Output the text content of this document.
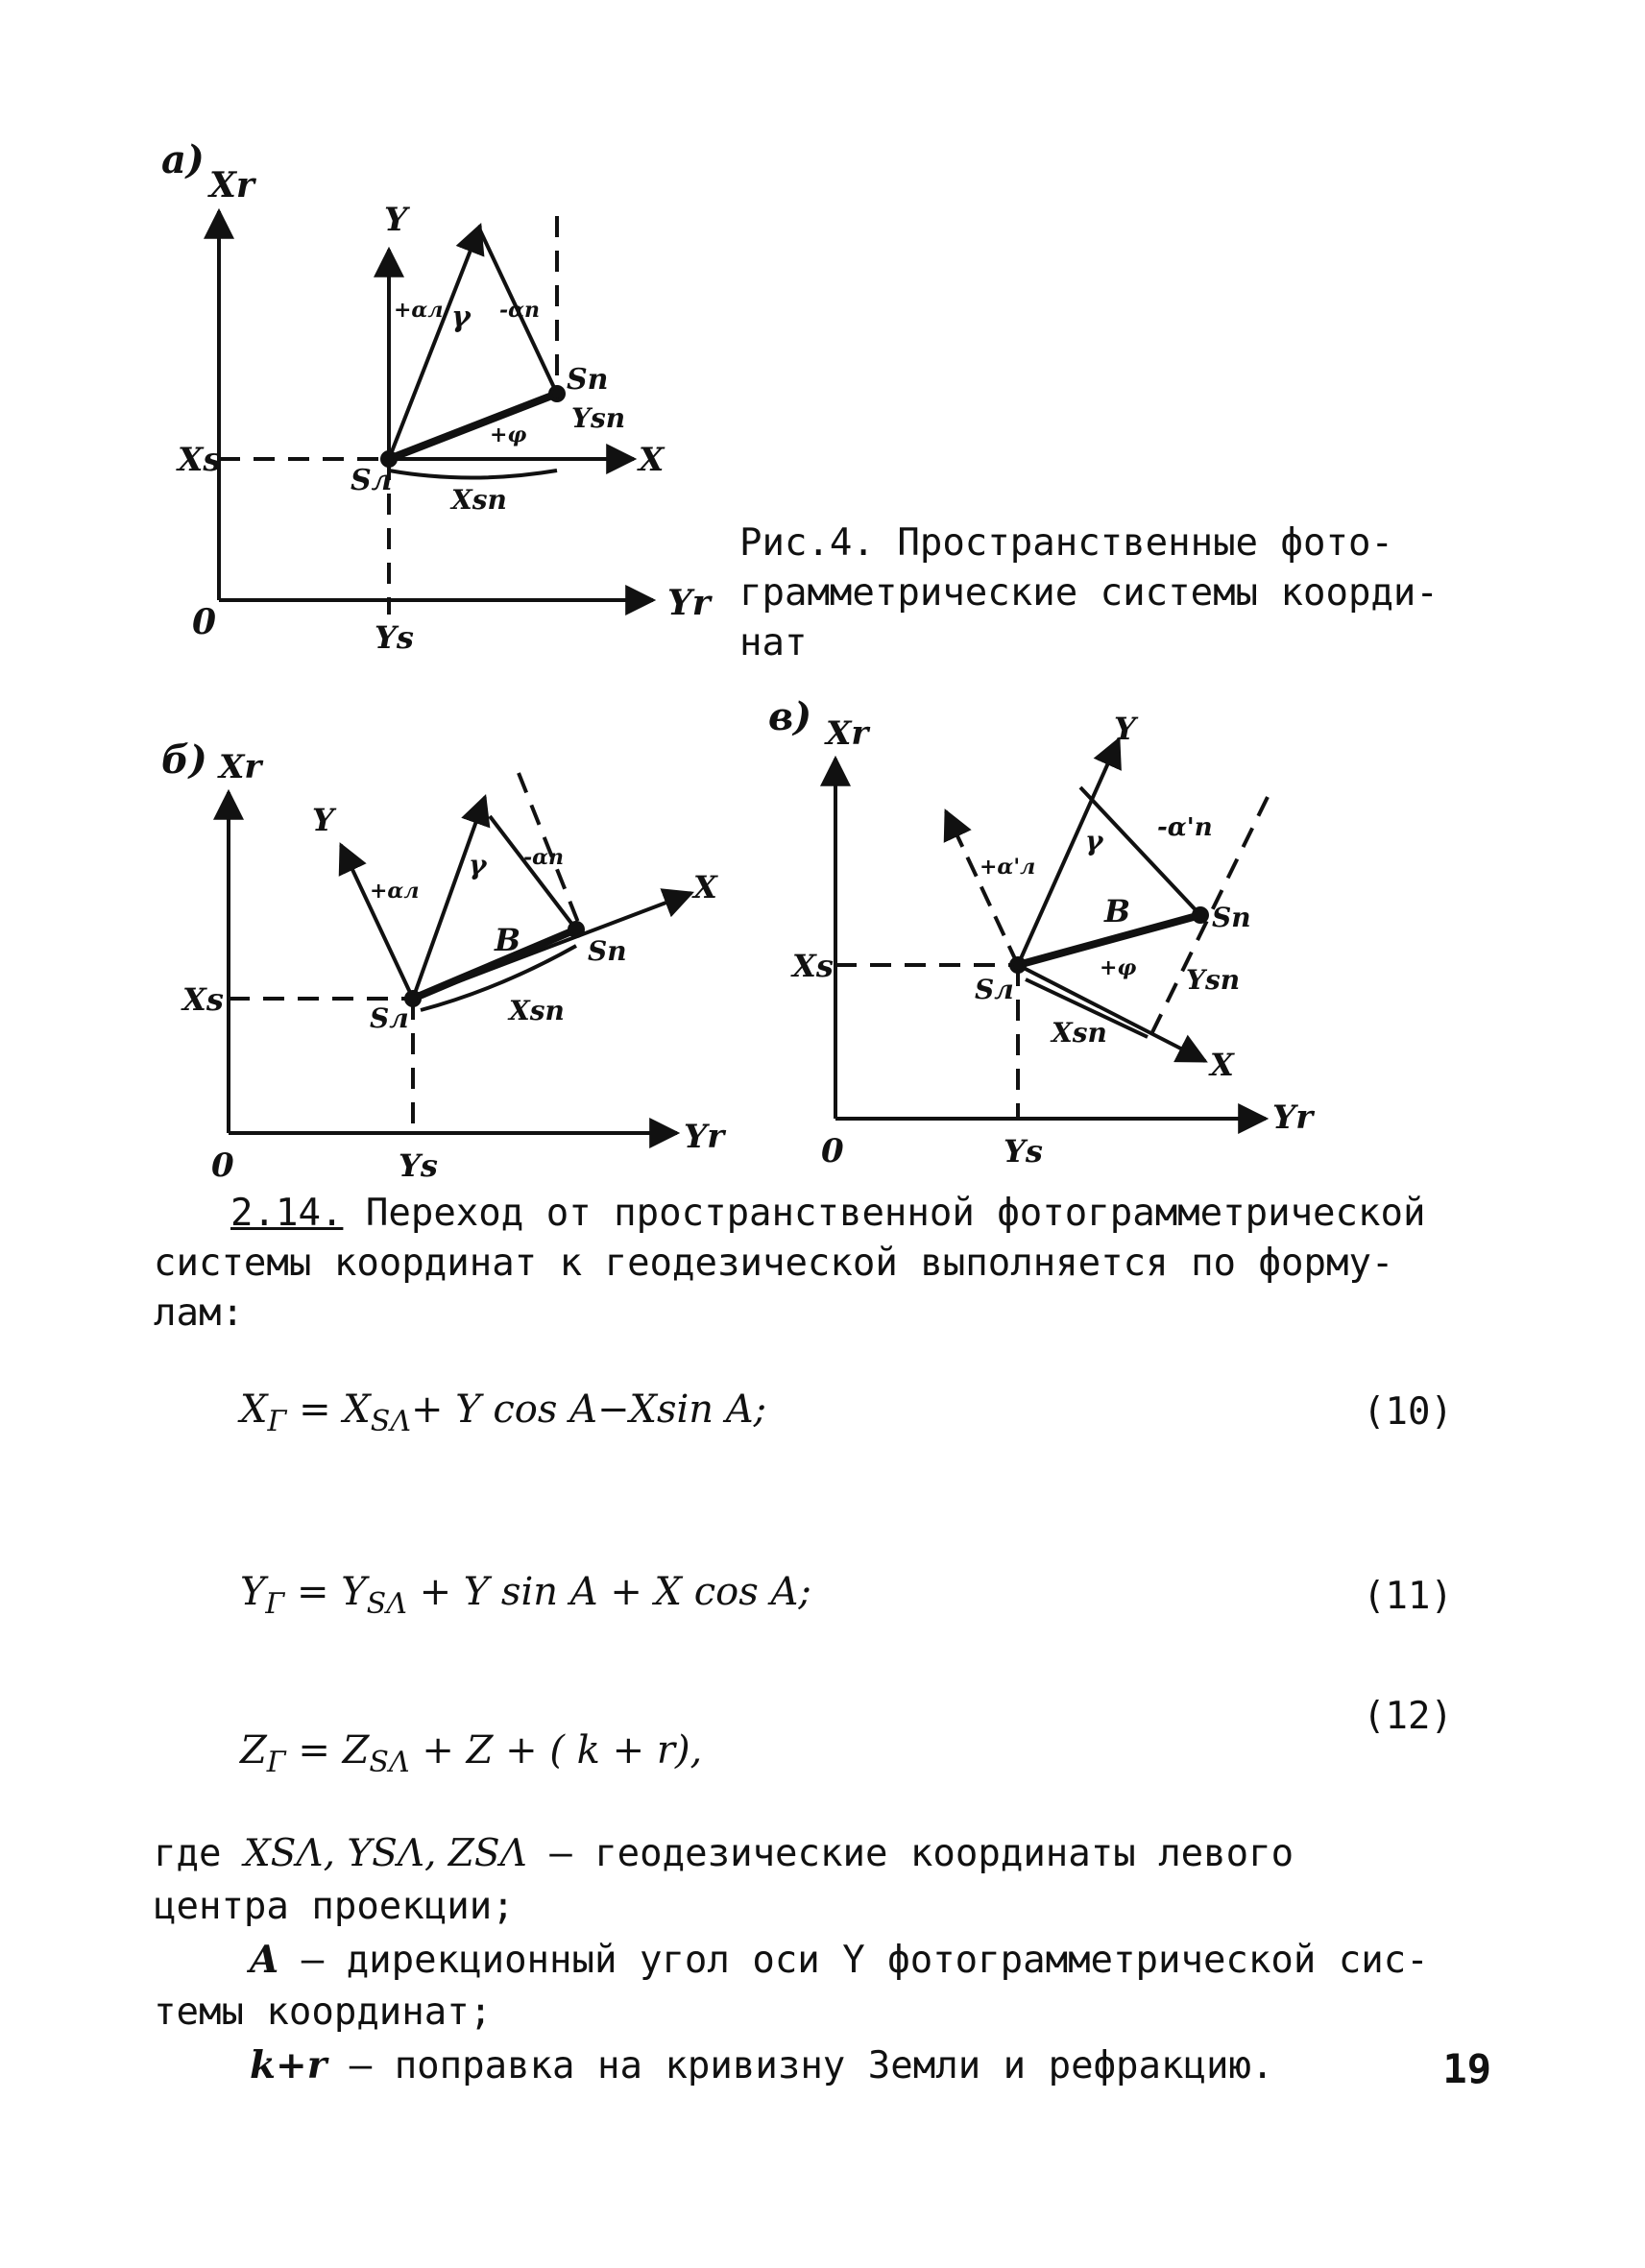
а)
Xr
Yr
0
Xs
Ys
Y
X
Sл
Sп
Xsп
Ysп
+αл	-αп
γ
+φ
б) Xr
Yr
0
Xs
Ys
Y
X
Sл
Sп
Xsп
B
γ
+αл
-αп
в) Xr
Yr
0
Xs
Ys
Y
X
Sл
Sп
Xsп
Ysп
B
γ
+α'л
-α'п
+φ
Рис.4. Пространственные фото-
грамметрические системы коорди-
нат
2.14. Переход от пространственной фотограмметрической
системы координат к геодезической выполняется по форму-
лам:
$X_Г = X_{S\Lambda}+ Y$ cos A−Xsin A;	(10)
$Y_Г = Y_{S\Lambda} + Y$ sin A + X cos A;	(11)
$Z_Г = Z_{S\Lambda} + Z$ + ( k + r),
(12)
где XSΛ, YSΛ, ZSΛ – геодезические координаты левого
центра проекции;
A – дирекционный угол оси Y фотограмметрической сис-
темы координат;
k+r – поправка на кривизну Земли и рефракцию.	19
